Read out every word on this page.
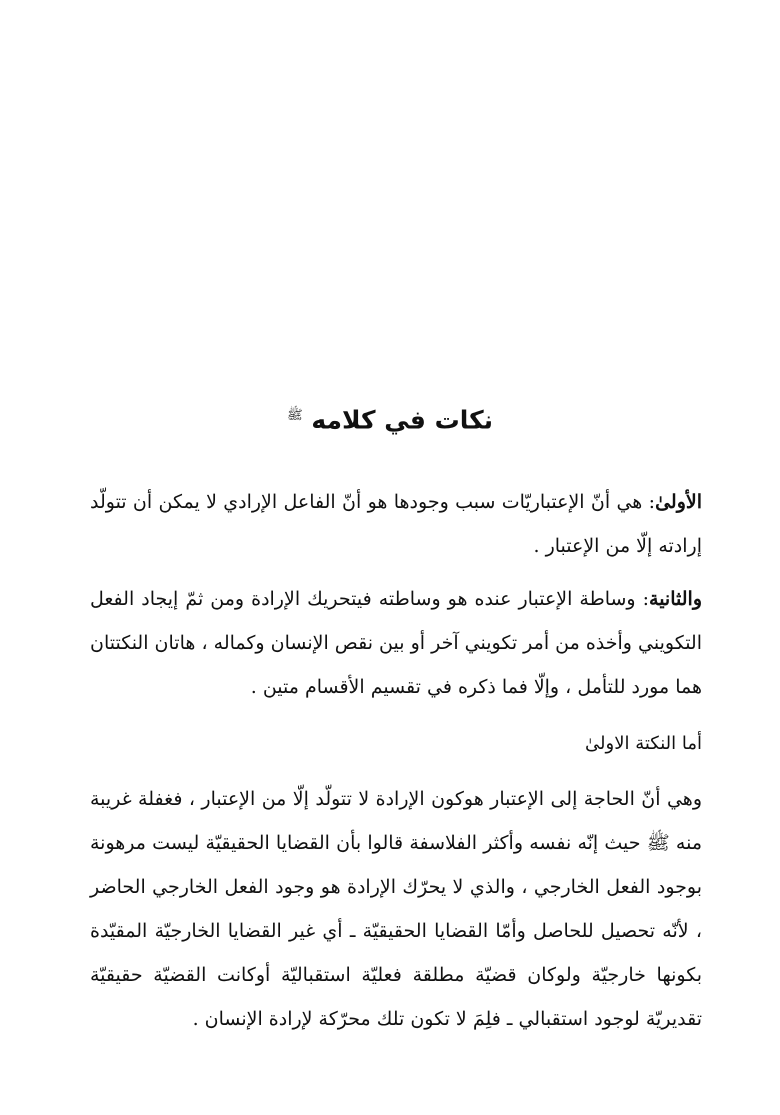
نكات في كلامه $^ﷺ$

الأولىٰ: هي أنّ الإعتباريّات سبب وجودها هو أنّ الفاعل الإرادي لا يمكن أن تتولّد إرادته إلّا من الإعتبار .

والثانية: وساطة الإعتبار عنده هو وساطته فيتحريك الإرادة ومن ثمّ إيجاد الفعل التكويني وأخذه من أمر تكويني آخر أو بين نقص الإنسان وكماله ، هاتان النكتتان هما مورد للتأمل ، وإلّا فما ذكره في تقسيم الأقسام متين .

أما النكتة الاولىٰ

وهي أنّ الحاجة إلى الإعتبار هوكون الإرادة لا تتولّد إلّا من الإعتبار ، فغفلة غريبة منه ﷺ حيث إنّه نفسه وأكثر الفلاسفة قالوا بأن القضايا الحقيقيّة ليست مرهونة بوجود الفعل الخارجي ، والذي لا يحرّك الإرادة هو وجود الفعل الخارجي الحاضر ، لأنّه تحصيل للحاصل وأمّا القضايا الحقيقيّة ـ أي غير القضايا الخارجيّة المقيّدة بكونها خارجيّة ولوكان قضيّة مطلقة فعليّة استقباليّة أوكانت القضيّة حقيقيّة تقديريّة لوجود استقبالي ـ فلِمَ لا تكون تلك محرّكة لإرادة الإنسان .
